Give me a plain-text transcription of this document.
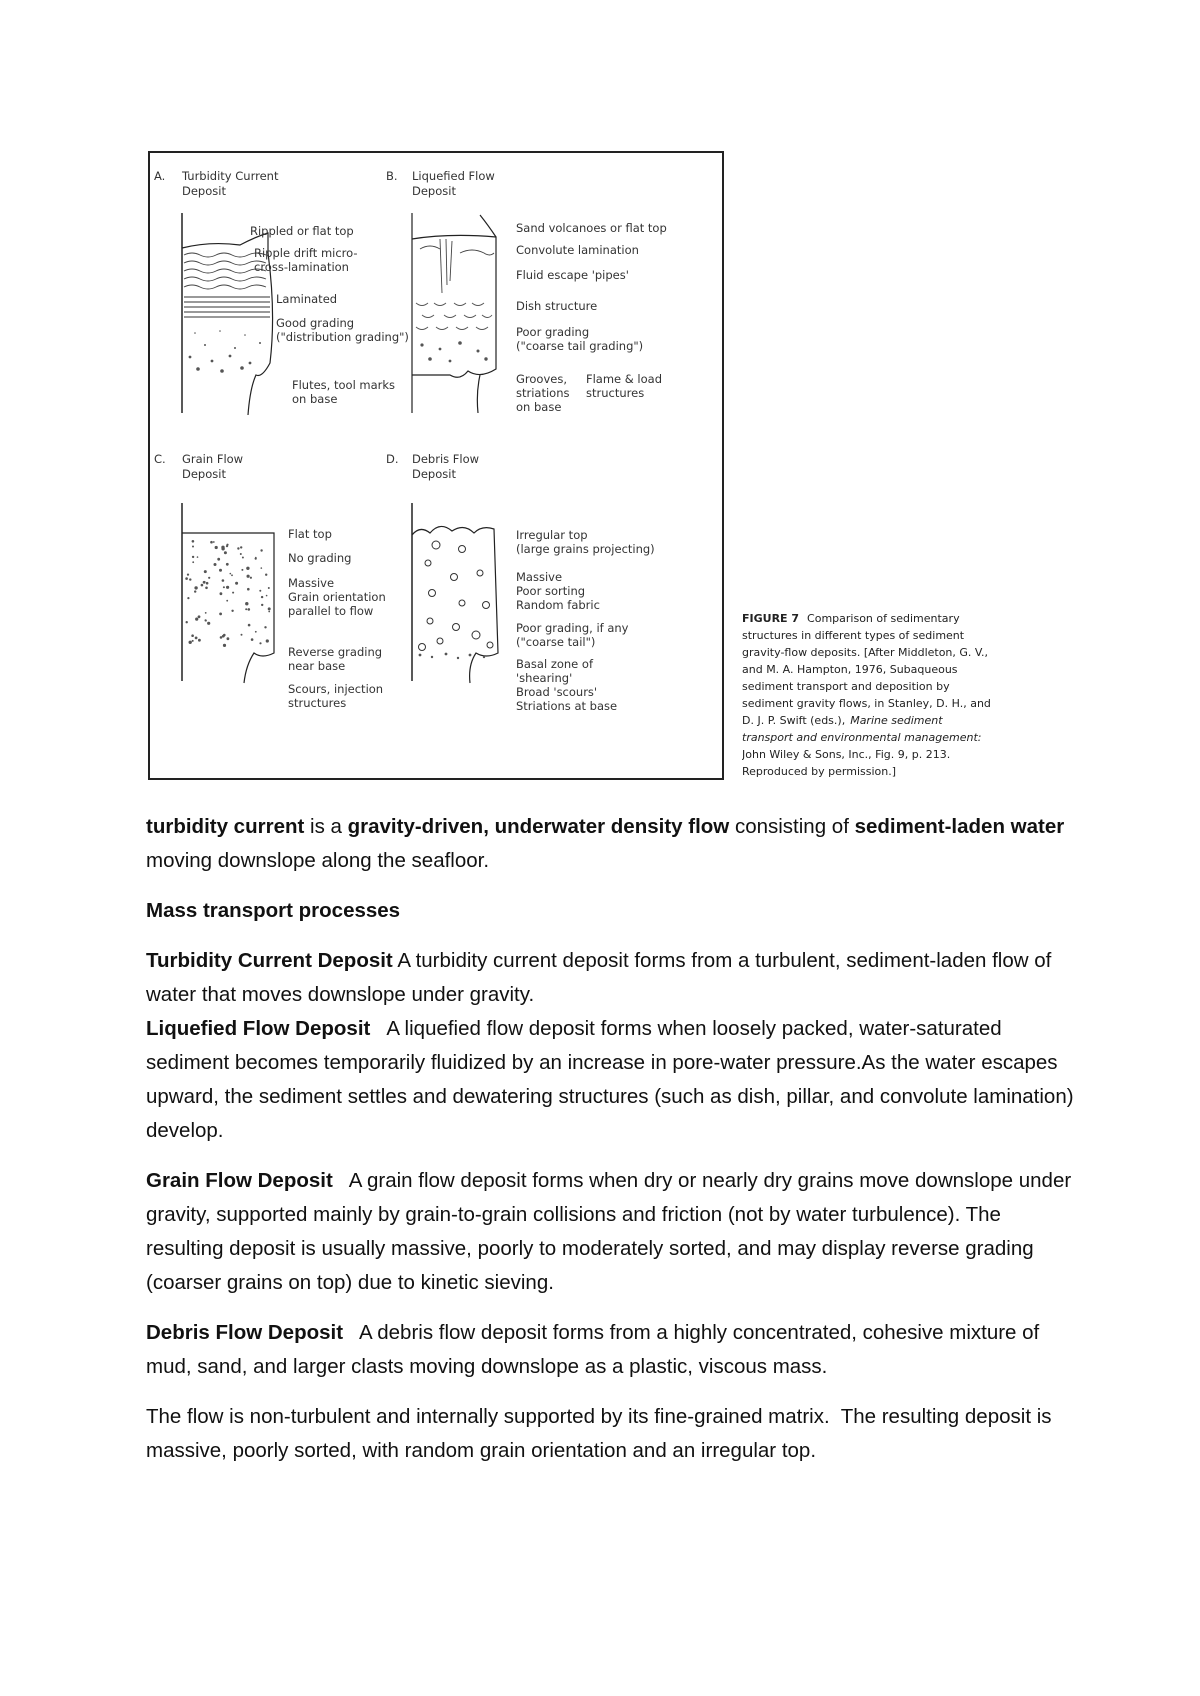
A. Turbidity Current
Deposit
Rippled or flat top
Ripple drift micro-
cross-lamination
Laminated
Good grading
("distribution grading")
Flutes, tool marks
on base
B. Liquefied Flow
Deposit
Sand volcanoes or flat top
Convolute lamination
Fluid escape 'pipes'
Dish structure
Poor grading
("coarse tail grading")
Grooves,
striations
on base
Flame & load
structures
C. Grain Flow
Deposit
Flat top
No grading
Massive
Grain orientation
parallel to flow
Reverse grading
near base
Scours, injection
structures
D. Debris Flow
Deposit
Irregular top
(large grains projecting)
Massive
Poor sorting
Random fabric
Poor grading, if any
("coarse tail")
Basal zone of
'shearing'
Broad 'scours'
Striations at base
FIGURE 7 Comparison of sedimentary
structures in different types of sediment
gravity-flow deposits. [After Middleton, G. V.,
and M. A. Hampton, 1976, Subaqueous
sediment transport and deposition by
sediment gravity flows, in Stanley, D. H., and
D. J. P. Swift (eds.), Marine sediment
transport and environmental management:
John Wiley & Sons, Inc., Fig. 9, p. 213.
Reproduced by permission.]

turbidity current is a gravity-driven, underwater density flow consisting of sediment-laden water moving downslope along the seafloor.

Mass transport processes

Turbidity Current Deposit A turbidity current deposit forms from a turbulent, sediment-laden flow of water that moves downslope under gravity.

Liquefied Flow Deposit   A liquefied flow deposit forms when loosely packed, water-saturated sediment becomes temporarily fluidized by an increase in pore-water pressure.As the water escapes upward, the sediment settles and dewatering structures (such as dish, pillar, and convolute lamination) develop.

Grain Flow Deposit   A grain flow deposit forms when dry or nearly dry grains move downslope under gravity, supported mainly by grain-to-grain collisions and friction (not by water turbulence). The resulting deposit is usually massive, poorly to moderately sorted, and may display reverse grading (coarser grains on top) due to kinetic sieving.

Debris Flow Deposit   A debris flow deposit forms from a highly concentrated, cohesive mixture of mud, sand, and larger clasts moving downslope as a plastic, viscous mass.

The flow is non-turbulent and internally supported by its fine-grained matrix.  The resulting deposit is massive, poorly sorted, with random grain orientation and an irregular top.
